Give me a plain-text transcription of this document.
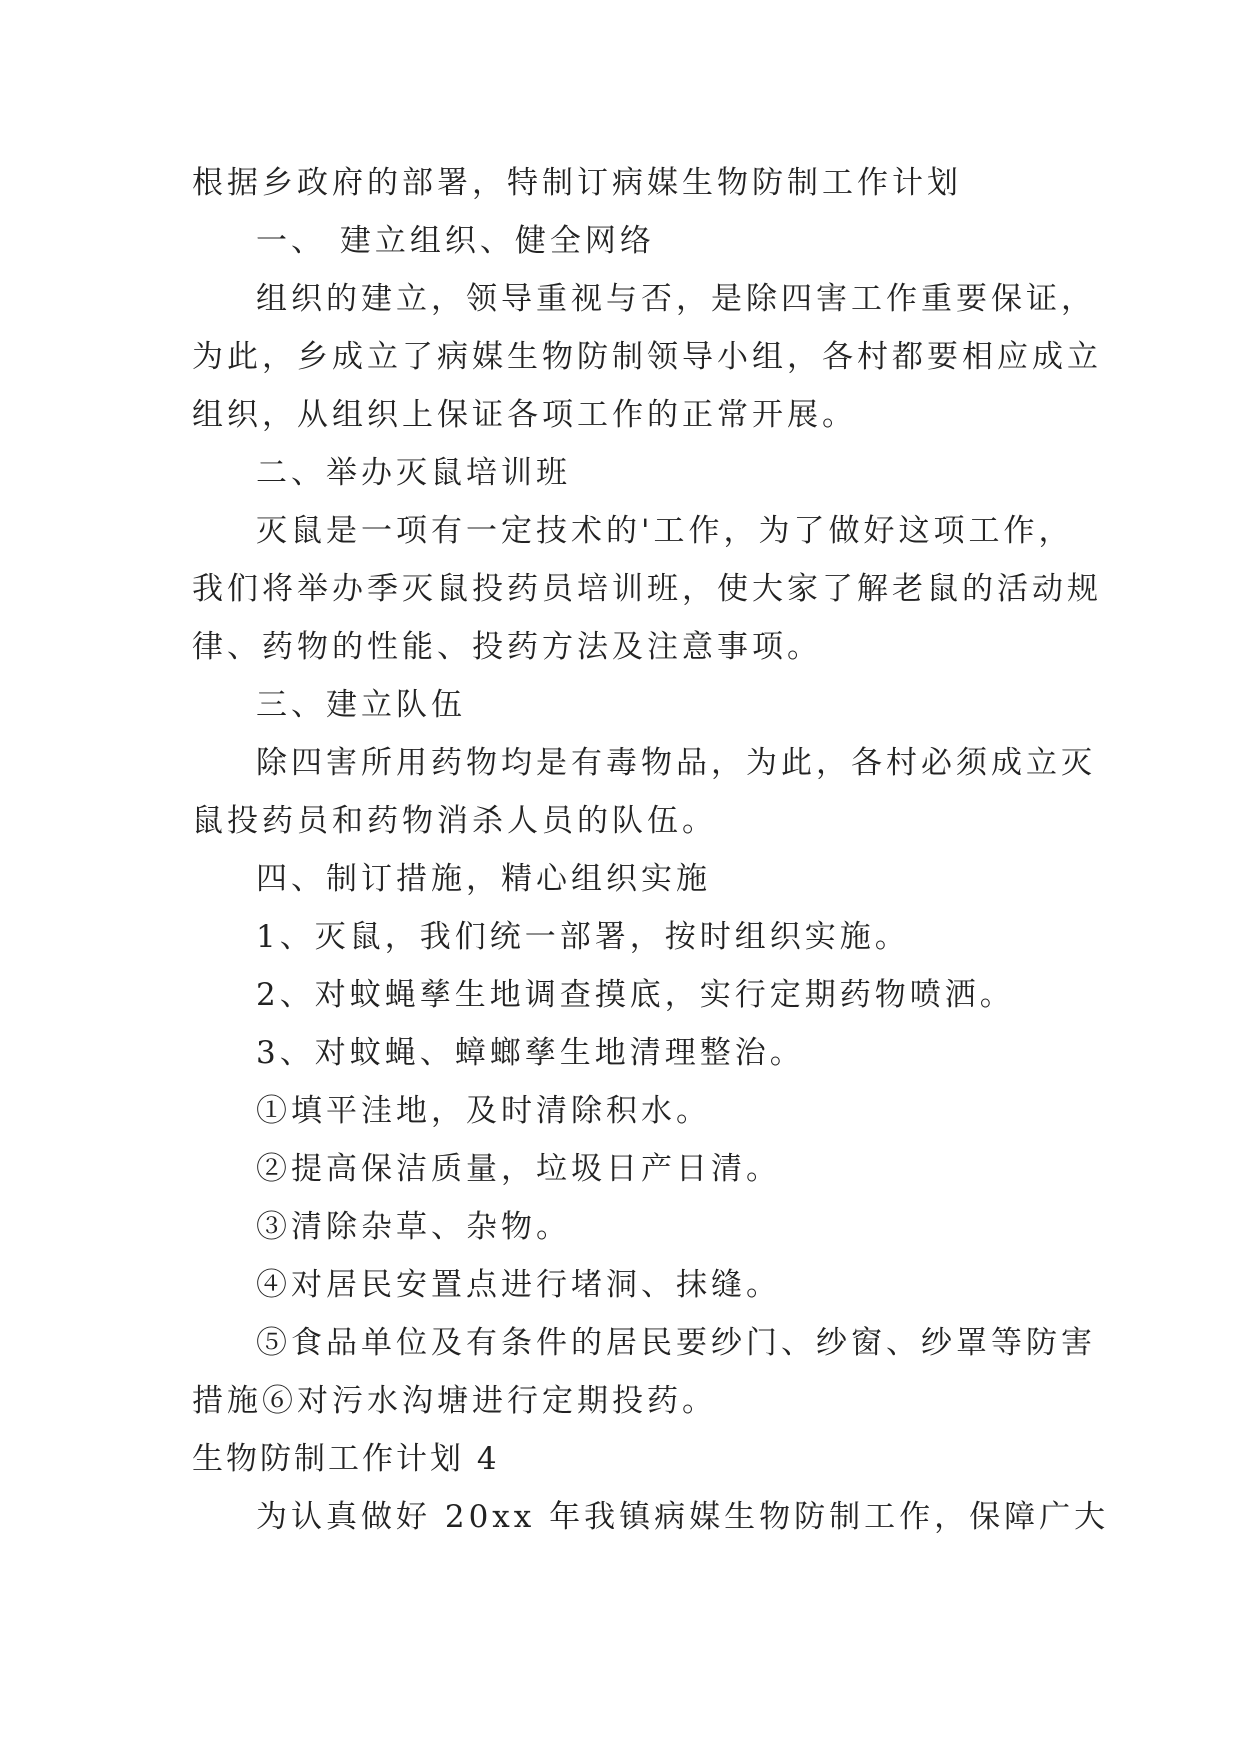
根据乡政府的部署，特制订病媒生物防制工作计划
一、 建立组织、健全网络
组织的建立，领导重视与否，是除四害工作重要保证，
为此，乡成立了病媒生物防制领导小组，各村都要相应成立
组织，从组织上保证各项工作的正常开展。
二、举办灭鼠培训班
灭鼠是一项有一定技术的'工作，为了做好这项工作，
我们将举办季灭鼠投药员培训班，使大家了解老鼠的活动规
律、药物的性能、投药方法及注意事项。
三、建立队伍
除四害所用药物均是有毒物品，为此，各村必须成立灭
鼠投药员和药物消杀人员的队伍。
四、制订措施，精心组织实施
1、灭鼠，我们统一部署，按时组织实施。
2、对蚊蝇孳生地调查摸底，实行定期药物喷洒。
3、对蚊蝇、蟑螂孳生地清理整治。
①填平洼地，及时清除积水。
②提高保洁质量，垃圾日产日清。
③清除杂草、杂物。
④对居民安置点进行堵洞、抹缝。
⑤食品单位及有条件的居民要纱门、纱窗、纱罩等防害
措施⑥对污水沟塘进行定期投药。
生物防制工作计划 4
为认真做好 20xx 年我镇病媒生物防制工作，保障广大
